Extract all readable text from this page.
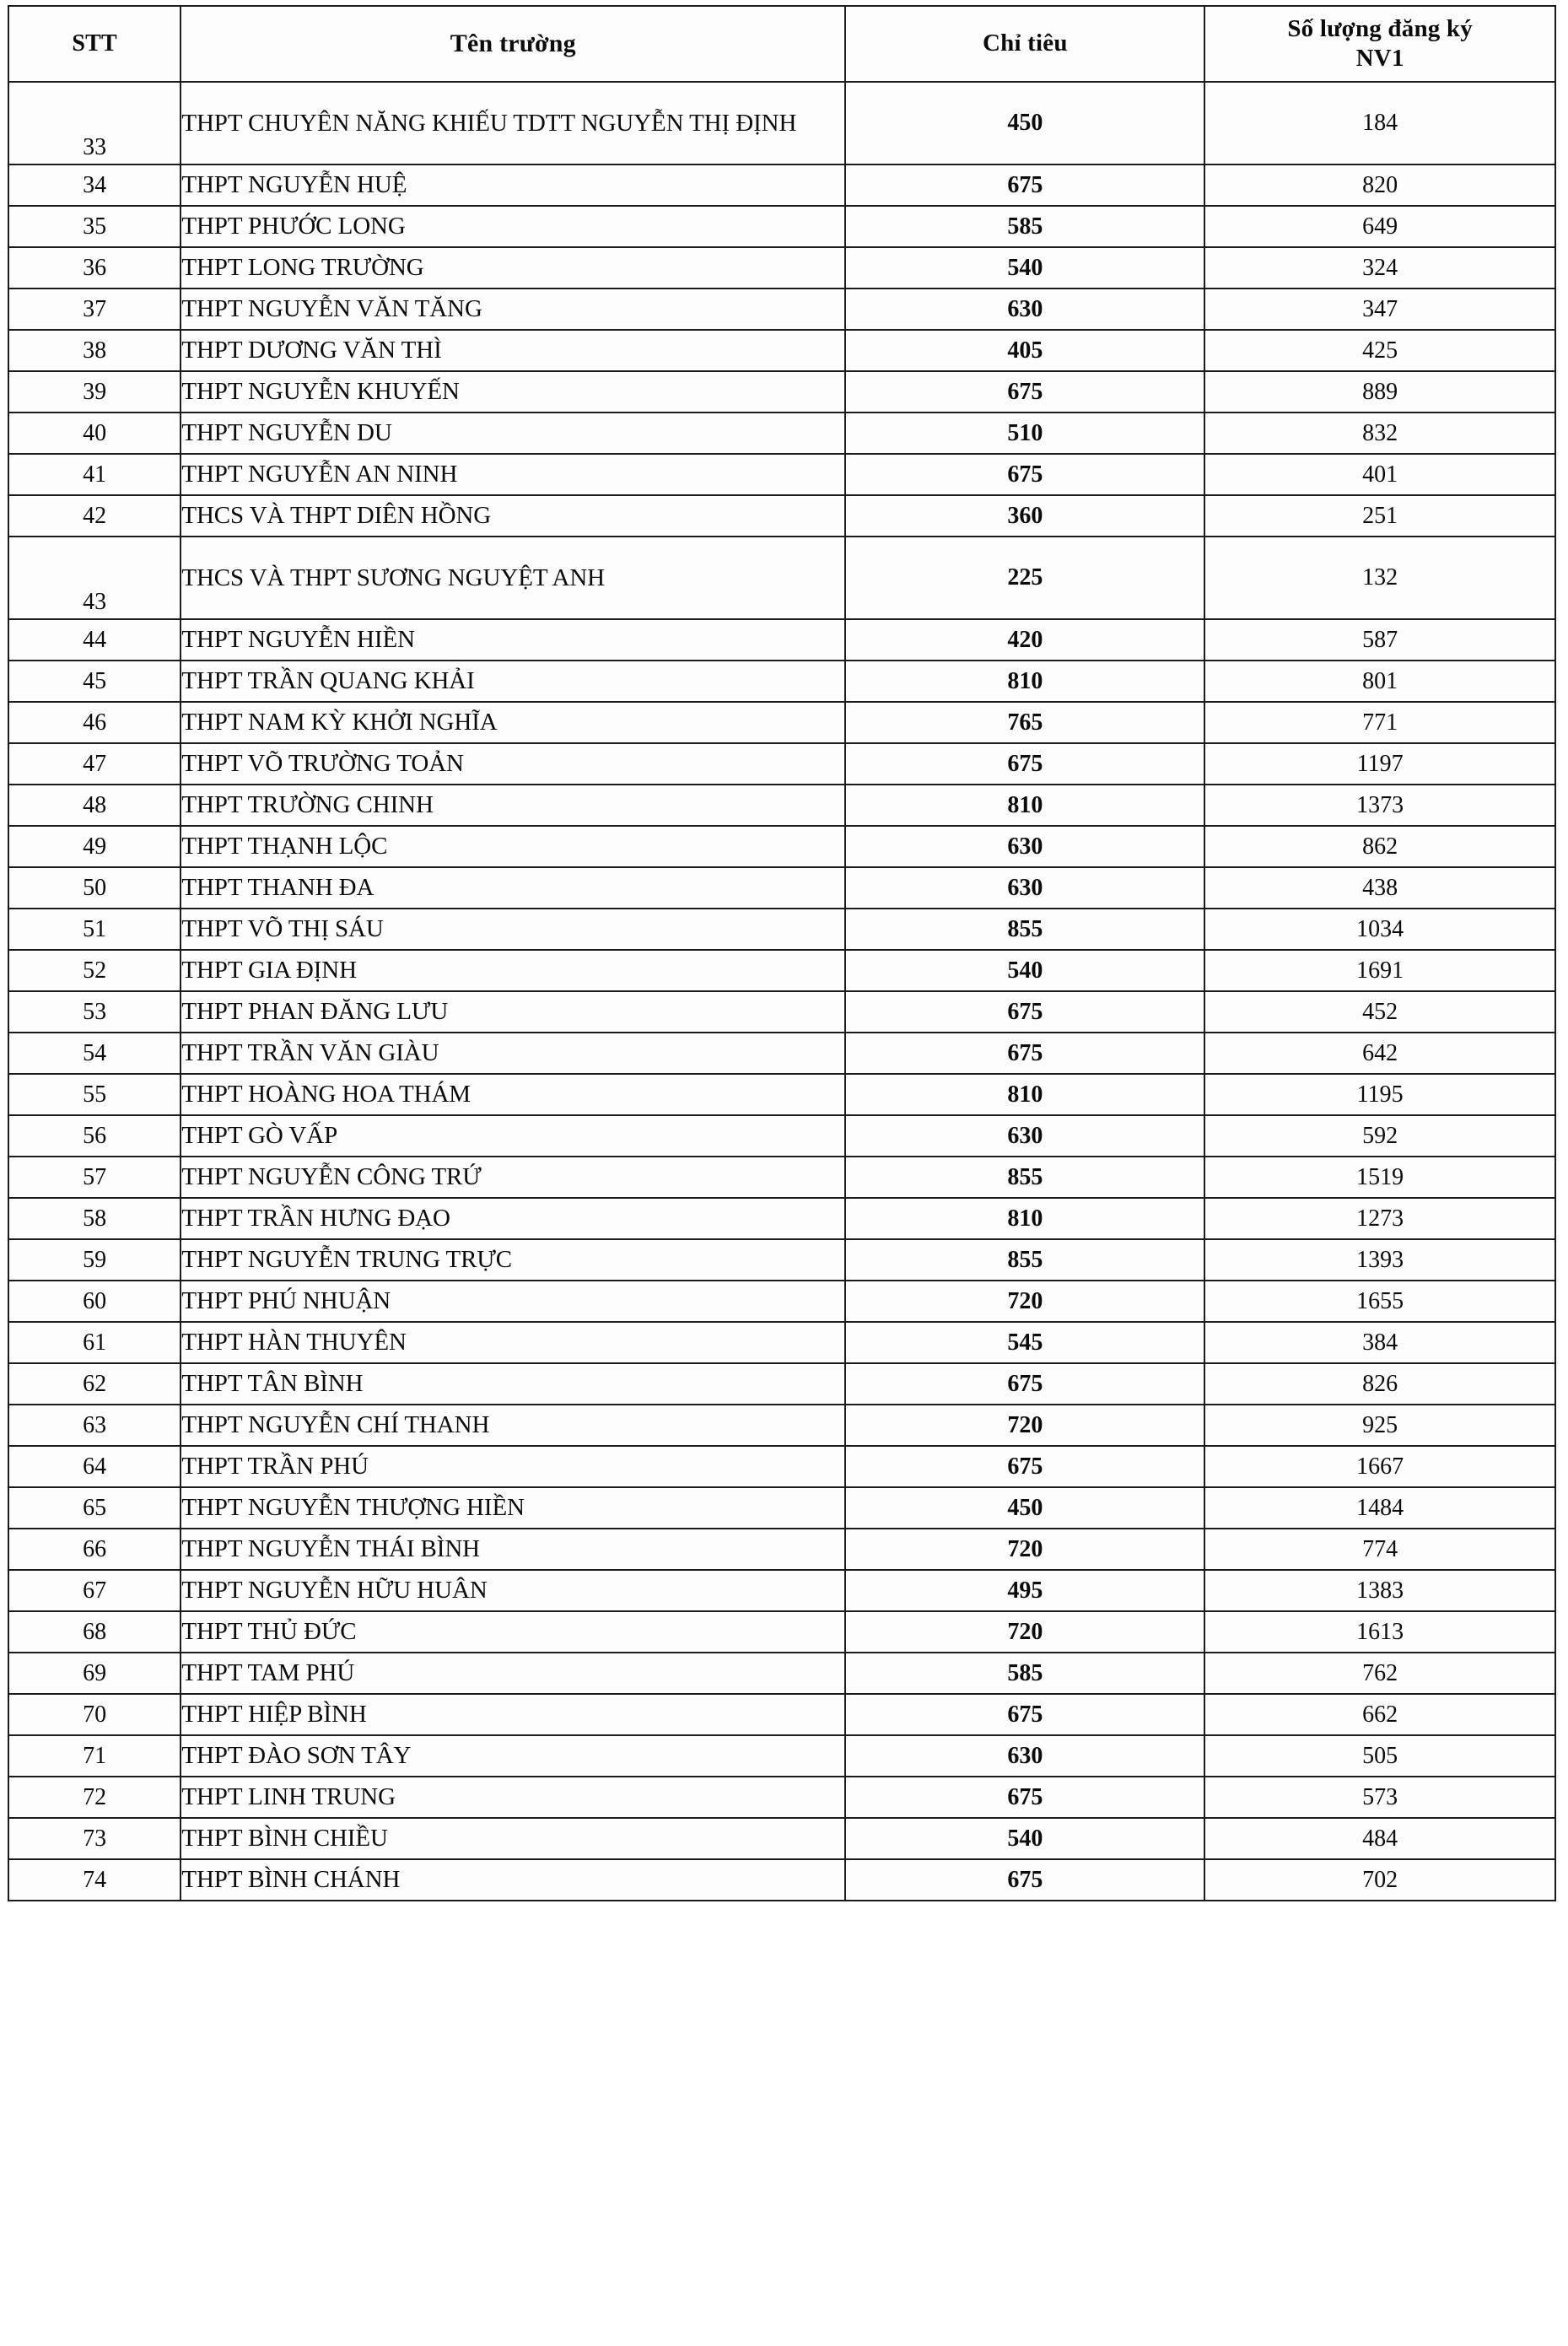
STT	Tên trường	Chỉ tiêu	Số lượng đăng ký
NV1
33	THPT CHUYÊN NĂNG KHIẾU TDTT NGUYỄN THỊ ĐỊNH	450	184
34	THPT NGUYỄN HUỆ	675	820
35	THPT PHƯỚC LONG	585	649
36	THPT LONG TRƯỜNG	540	324
37	THPT NGUYỄN VĂN TĂNG	630	347
38	THPT DƯƠNG VĂN THÌ	405	425
39	THPT NGUYỄN KHUYẾN	675	889
40	THPT NGUYỄN DU	510	832
41	THPT NGUYỄN AN NINH	675	401
42	THCS VÀ THPT DIÊN HỒNG	360	251
43	THCS VÀ THPT SƯƠNG NGUYỆT ANH	225	132
44	THPT NGUYỄN HIỀN	420	587
45	THPT TRẦN QUANG KHẢI	810	801
46	THPT NAM KỲ KHỞI NGHĨA	765	771
47	THPT VÕ TRƯỜNG TOẢN	675	1197
48	THPT TRƯỜNG CHINH	810	1373
49	THPT THẠNH LỘC	630	862
50	THPT THANH ĐA	630	438
51	THPT VÕ THỊ SÁU	855	1034
52	THPT GIA ĐỊNH	540	1691
53	THPT PHAN ĐĂNG LƯU	675	452
54	THPT TRẦN VĂN GIÀU	675	642
55	THPT HOÀNG HOA THÁM	810	1195
56	THPT GÒ VẤP	630	592
57	THPT NGUYỄN CÔNG TRỨ	855	1519
58	THPT TRẦN HƯNG ĐẠO	810	1273
59	THPT NGUYỄN TRUNG TRỰC	855	1393
60	THPT PHÚ NHUẬN	720	1655
61	THPT HÀN THUYÊN	545	384
62	THPT TÂN BÌNH	675	826
63	THPT NGUYỄN CHÍ THANH	720	925
64	THPT TRẦN PHÚ	675	1667
65	THPT NGUYỄN THƯỢNG HIỀN	450	1484
66	THPT NGUYỄN THÁI BÌNH	720	774
67	THPT NGUYỄN HỮU HUÂN	495	1383
68	THPT THỦ ĐỨC	720	1613
69	THPT TAM PHÚ	585	762
70	THPT HIỆP BÌNH	675	662
71	THPT ĐÀO SƠN TÂY	630	505
72	THPT LINH TRUNG	675	573
73	THPT BÌNH CHIỀU	540	484
74	THPT BÌNH CHÁNH	675	702
